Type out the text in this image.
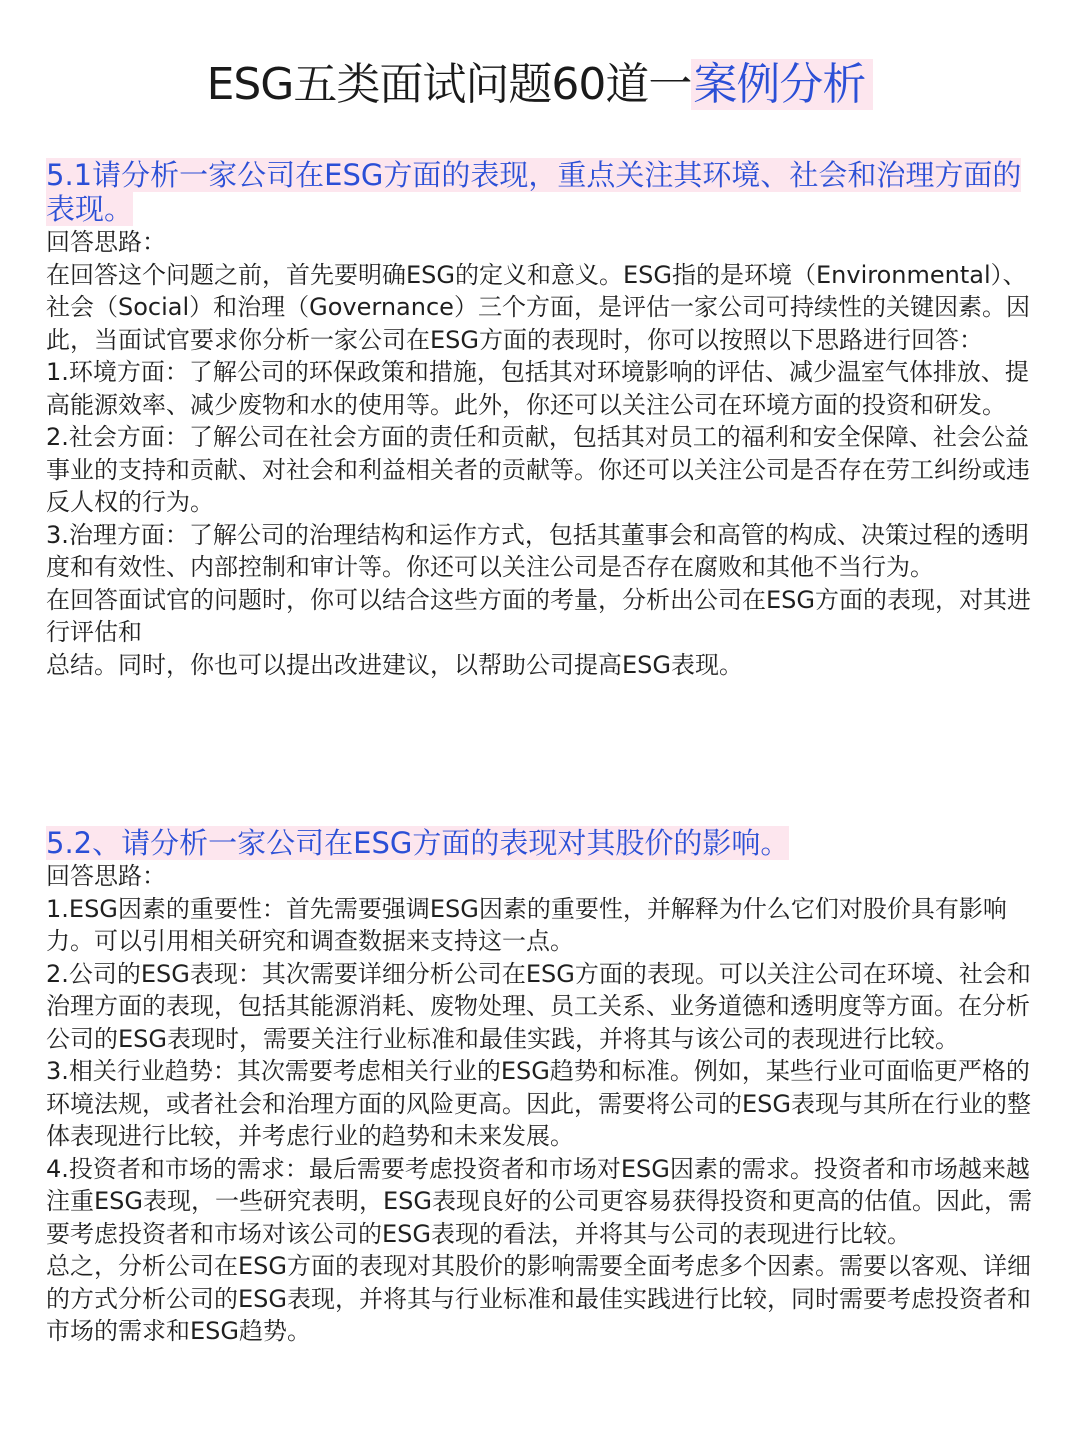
ESG五类面试问题60道一案例分析

5.1请分析一家公司在ESG方面的表现，重点关注其环境、社会和治理方面的表现。

回答思路：

在回答这个问题之前，首先要明确ESG的定义和意义。ESG指的是环境（Environmental）、社会（Social）和治理（Governance）三个方面，是评估一家公司可持续性的关键因素。因此，当面试官要求你分析一家公司在ESG方面的表现时，你可以按照以下思路进行回答：

1.环境方面：了解公司的环保政策和措施，包括其对环境影响的评估、减少温室气体排放、提高能源效率、减少废物和水的使用等。此外，你还可以关注公司在环境方面的投资和研发。

2.社会方面：了解公司在社会方面的责任和贡献，包括其对员工的福利和安全保障、社会公益事业的支持和贡献、对社会和利益相关者的贡献等。你还可以关注公司是否存在劳工纠纷或违反人权的行为。

3.治理方面：了解公司的治理结构和运作方式，包括其董事会和高管的构成、决策过程的透明度和有效性、内部控制和审计等。你还可以关注公司是否存在腐败和其他不当行为。

在回答面试官的问题时，你可以结合这些方面的考量，分析出公司在ESG方面的表现，对其进行评估和

总结。同时，你也可以提出改进建议，以帮助公司提高ESG表现。

5.2、请分析一家公司在ESG方面的表现对其股价的影响。

回答思路：

1.ESG因素的重要性：首先需要强调ESG因素的重要性，并解释为什么它们对股价具有影响力。可以引用相关研究和调查数据来支持这一点。

2.公司的ESG表现：其次需要详细分析公司在ESG方面的表现。可以关注公司在环境、社会和治理方面的表现，包括其能源消耗、废物处理、员工关系、业务道德和透明度等方面。在分析公司的ESG表现时，需要关注行业标准和最佳实践，并将其与该公司的表现进行比较。

3.相关行业趋势：其次需要考虑相关行业的ESG趋势和标准。例如，某些行业可面临更严格的环境法规，或者社会和治理方面的风险更高。因此，需要将公司的ESG表现与其所在行业的整体表现进行比较，并考虑行业的趋势和未来发展。

4.投资者和市场的需求：最后需要考虑投资者和市场对ESG因素的需求。投资者和市场越来越注重ESG表现，一些研究表明，ESG表现良好的公司更容易获得投资和更高的估值。因此，需要考虑投资者和市场对该公司的ESG表现的看法，并将其与公司的表现进行比较。

总之，分析公司在ESG方面的表现对其股价的影响需要全面考虑多个因素。需要以客观、详细的方式分析公司的ESG表现，并将其与行业标准和最佳实践进行比较，同时需要考虑投资者和市场的需求和ESG趋势。
